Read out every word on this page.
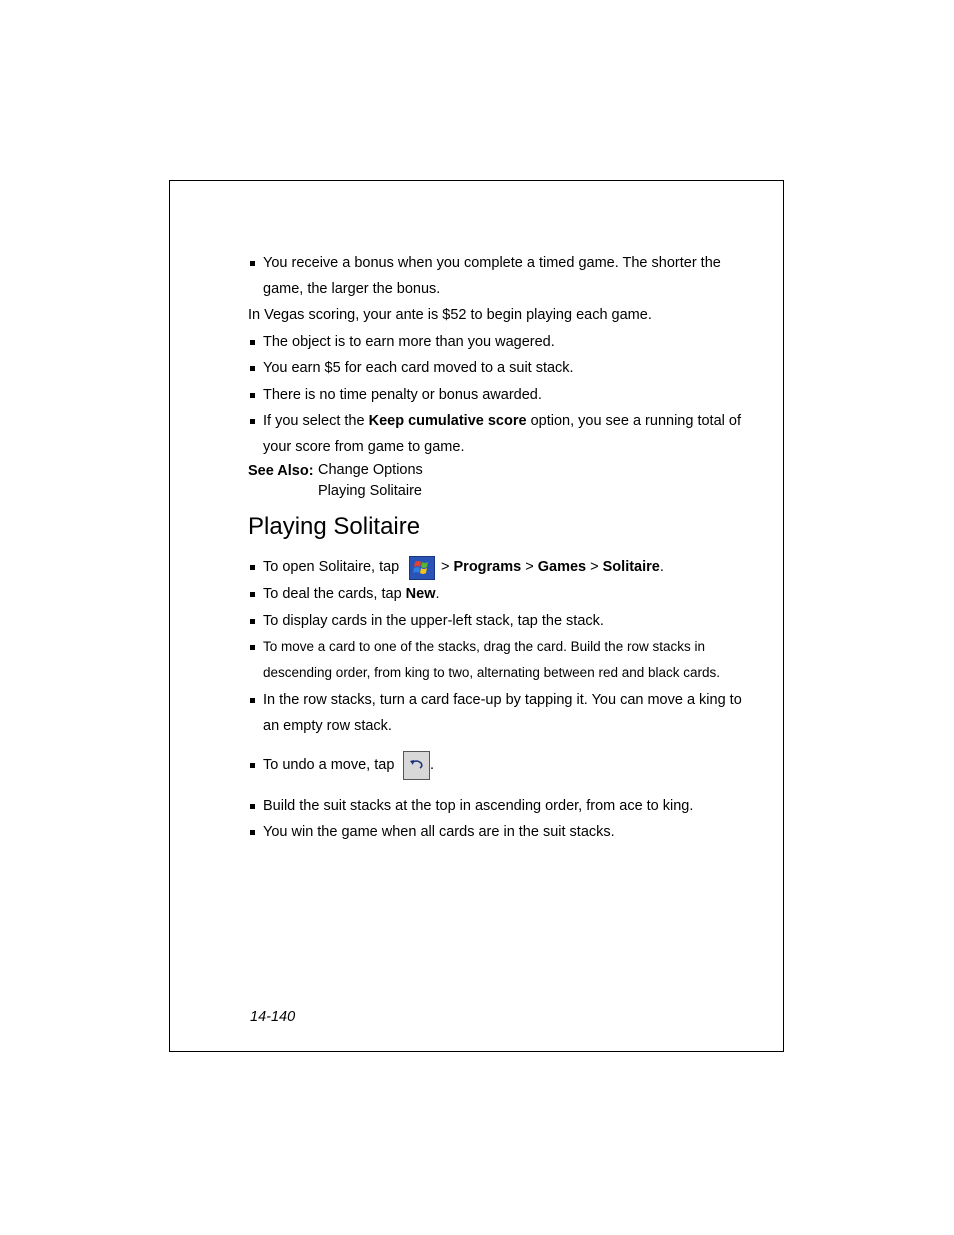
You receive a bonus when you complete a timed game. The shorter the
game, the larger the bonus.
In Vegas scoring, your ante is $52 to begin playing each game.
The object is to earn more than you wagered.
You earn $5 for each card moved to a suit stack.
There is no time penalty or bonus awarded.
If you select the Keep cumulative score option, you see a running total of
your score from game to game.
See Also: Change Options
Playing Solitaire
Playing Solitaire
To open Solitaire, tap	> Programs > Games > Solitaire.
To deal the cards, tap New.
To display cards in the upper-left stack, tap the stack.
To move a card to one of the stacks, drag the card. Build the row stacks in
descending order, from king to two, alternating between red and black cards.
In the row stacks, turn a card face-up by tapping it. You can move a king to
an empty row stack.
To undo a move, tap .
Build the suit stacks at the top in ascending order, from ace to king.
You win the game when all cards are in the suit stacks.
14-140
